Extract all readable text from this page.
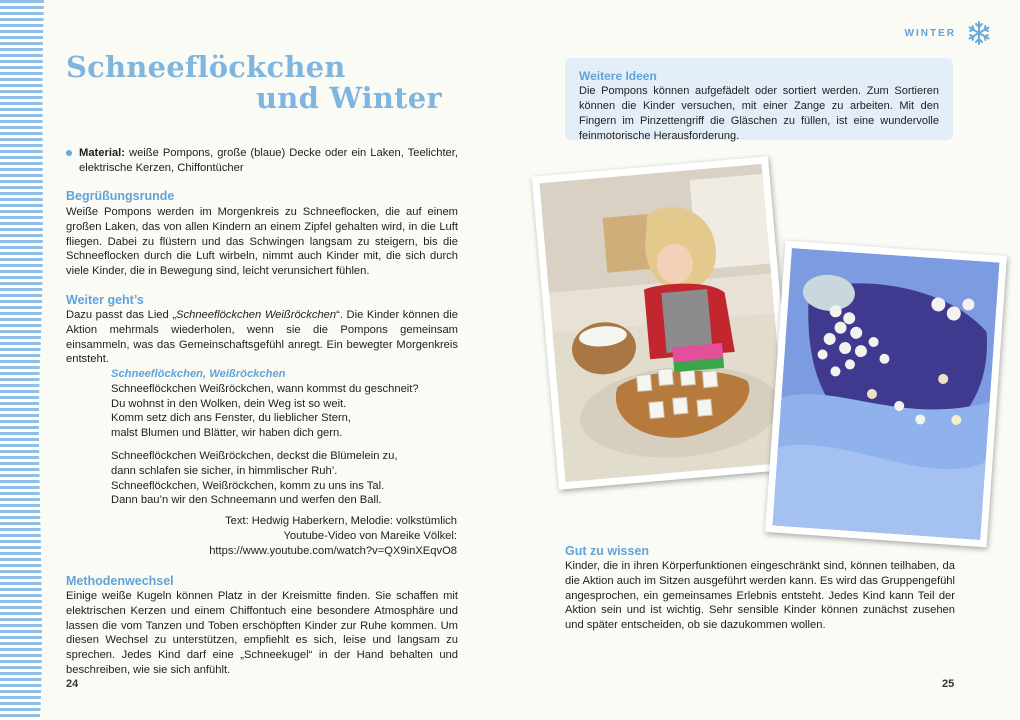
Schneeflöckchen
und Winter
Material: weiße Pompons, große (blaue) Decke oder ein Laken, Teelichter, elektrische Kerzen, Chiffontücher
Begrüßungsrunde

Weiße Pompons werden im Morgenkreis zu Schneeflocken, die auf einem großen Laken, das von allen Kindern an einem Zipfel gehalten wird, in die Luft fliegen. Dabei zu flüstern und das Schwingen langsam zu steigern, bis die Schneeflocken durch die Luft wirbeln, nimmt auch Kinder mit, die sich durch viele Kinder, die in Bewegung sind, leicht verunsichert fühlen.

Weiter geht’s

Dazu passt das Lied „Schneeflöckchen Weißröckchen“. Die Kinder können die Aktion mehrmals wiederholen, wenn sie die Pompons gemeinsam einsammeln, was das Gemeinschaftsgefühl anregt. Ein bewegter Morgenkreis entsteht.

Schneeflöckchen, Weißröckchen
Schneeflöckchen Weißröckchen, wann kommst du geschneit?
Du wohnst in den Wolken, dein Weg ist so weit.
Komm setz dich ans Fenster, du lieblicher Stern,
malst Blumen und Blätter, wir haben dich gern.
Schneeflöckchen Weißröckchen, deckst die Blümelein zu,
dann schlafen sie sicher, in himmlischer Ruh’.
Schneeflöckchen, Weißröckchen, komm zu uns ins Tal.
Dann bau’n wir den Schneemann und werfen den Ball.
Text: Hedwig Haberkern, Melodie: volkstümlich
Youtube-Video von Mareike Völkel:
https://www.youtube.com/watch?v=QX9inXEqvO8
Methodenwechsel

Einige weiße Kugeln können Platz in der Kreismitte finden. Sie schaffen mit elektrischen Kerzen und einem Chiffontuch eine besondere Atmosphäre und lassen die vom Tanzen und Toben erschöpften Kinder zur Ruhe kommen. Um diesen Wechsel zu unterstützen, empfiehlt es sich, leise und langsam zu sprechen. Jedes Kind darf eine „Schneekugel“ in der Hand behalten und beschreiben, wie sie sich anfühlt.

24	25
WINTER

Weitere Ideen

Die Pompons können aufgefädelt oder sortiert werden. Zum Sortieren können die Kinder versuchen, mit einer Zange zu arbeiten. Mit den Fingern im Pinzettengriff die Gläschen zu füllen, ist eine wundervolle feinmotorische Herausforderung.

Gut zu wissen

Kinder, die in ihren Körperfunktionen eingeschränkt sind, können teilhaben, da die Aktion auch im Sitzen ausgeführt werden kann. Es wird das Gruppengefühl angesprochen, ein gemeinsames Erlebnis entsteht. Jedes Kind kann Teil der Aktion sein und ist wichtig. Sehr sensible Kinder können zunächst zusehen und später entscheiden, ob sie dazukommen wollen.
